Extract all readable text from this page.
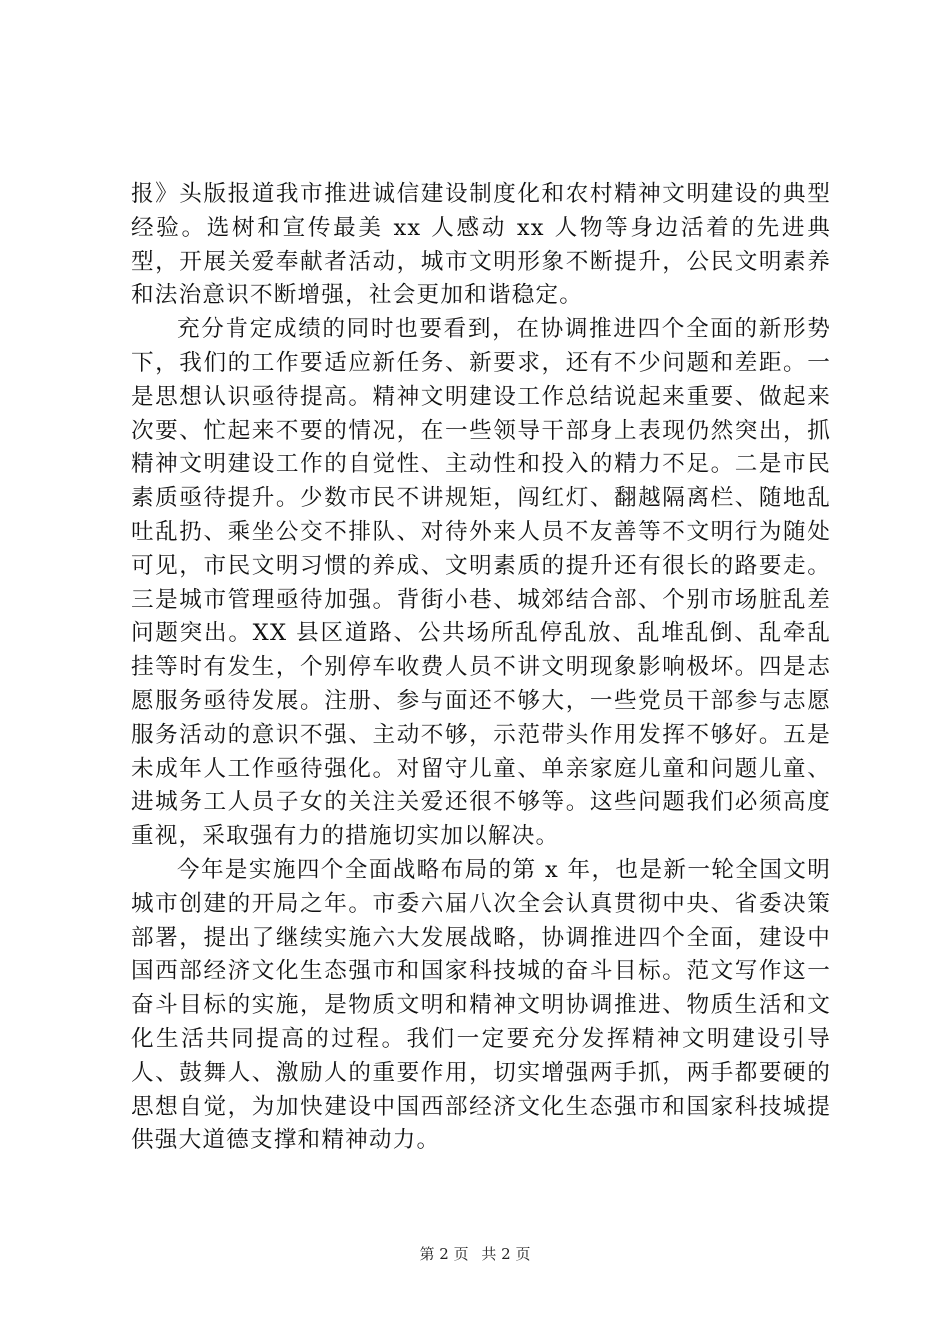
报》头版报道我市推进诚信建设制度化和农村精神文明建设的典型经验。选树和宣传最美 xx 人感动 xx 人物等身边活着的先进典型，开展关爱奉献者活动，城市文明形象不断提升，公民文明素养和法治意识不断增强，社会更加和谐稳定。

充分肯定成绩的同时也要看到，在协调推进四个全面的新形势下，我们的工作要适应新任务、新要求，还有不少问题和差距。一是思想认识亟待提高。精神文明建设工作总结说起来重要、做起来次要、忙起来不要的情况，在一些领导干部身上表现仍然突出，抓精神文明建设工作的自觉性、主动性和投入的精力不足。二是市民素质亟待提升。少数市民不讲规矩，闯红灯、翻越隔离栏、随地乱吐乱扔、乘坐公交不排队、对待外来人员不友善等不文明行为随处可见，市民文明习惯的养成、文明素质的提升还有很长的路要走。三是城市管理亟待加强。背街小巷、城郊结合部、个别市场脏乱差问题突出。XX 县区道路、公共场所乱停乱放、乱堆乱倒、乱牵乱挂等时有发生，个别停车收费人员不讲文明现象影响极坏。四是志愿服务亟待发展。注册、参与面还不够大，一些党员干部参与志愿服务活动的意识不强、主动不够，示范带头作用发挥不够好。五是未成年人工作亟待强化。对留守儿童、单亲家庭儿童和问题儿童、进城务工人员子女的关注关爱还很不够等。这些问题我们必须高度重视，采取强有力的措施切实加以解决。

今年是实施四个全面战略布局的第 x 年，也是新一轮全国文明城市创建的开局之年。市委六届八次全会认真贯彻中央、省委决策部署，提出了继续实施六大发展战略，协调推进四个全面，建设中国西部经济文化生态强市和国家科技城的奋斗目标。范文写作这一奋斗目标的实施，是物质文明和精神文明协调推进、物质生活和文化生活共同提高的过程。我们一定要充分发挥精神文明建设引导人、鼓舞人、激励人的重要作用，切实增强两手抓，两手都要硬的思想自觉，为加快建设中国西部经济文化生态强市和国家科技城提供强大道德支撑和精神动力。

第 2 页 共 2 页
